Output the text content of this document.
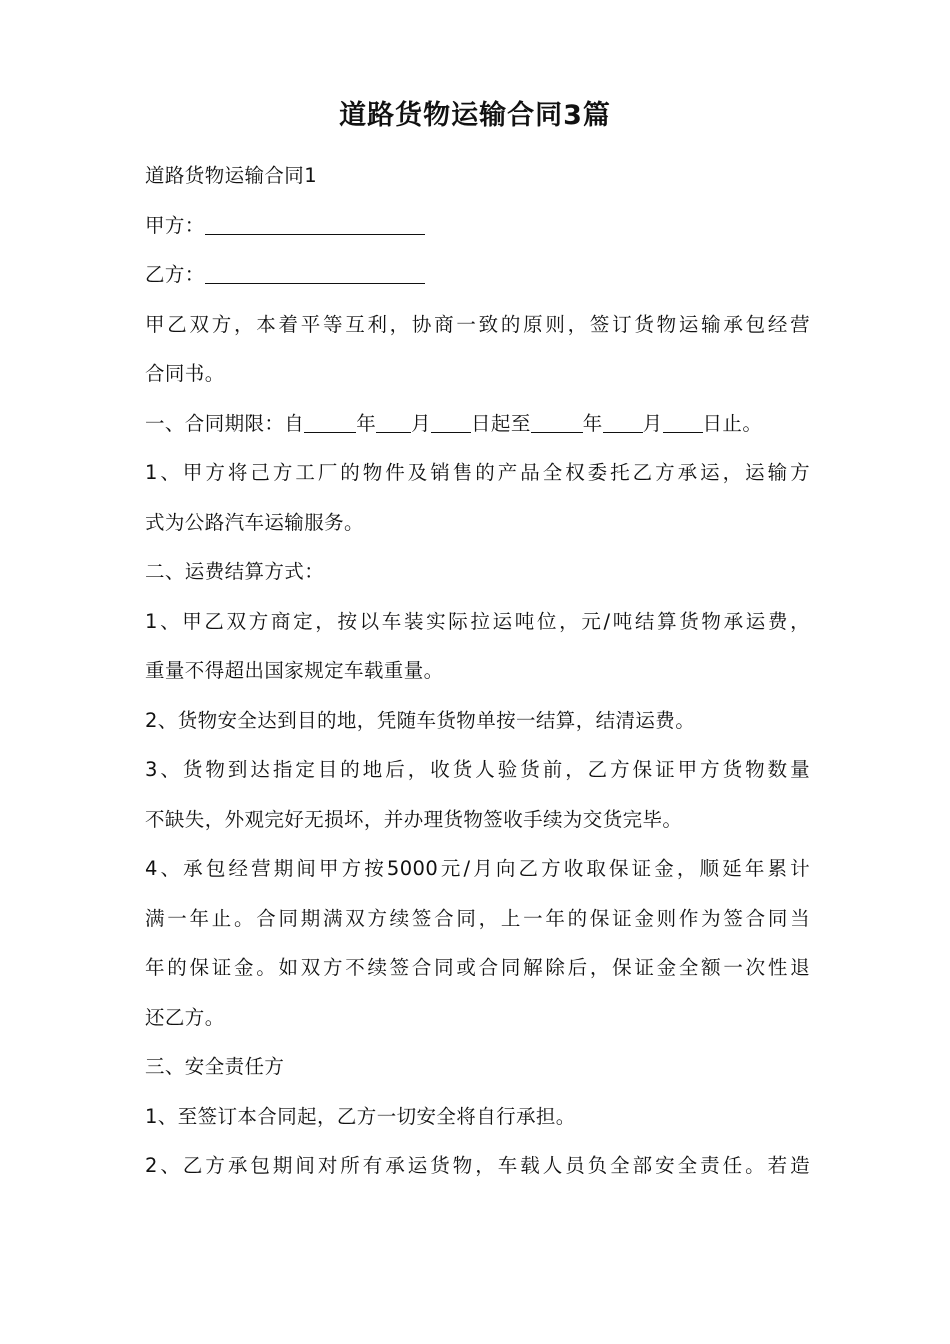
道路货物运输合同3篇

道路货物运输合同1

甲方：

乙方：

甲乙双方，本着平等互利，协商一致的原则，签订货物运输承包经营

合同书。

一、合同期限：自	年 月 日起至	年 月 日止。

1、甲方将己方工厂的物件及销售的产品全权委托乙方承运，运输方

式为公路汽车运输服务。

二、运费结算方式：

1、甲乙双方商定，按以车装实际拉运吨位，元/吨结算货物承运费，

重量不得超出国家规定车载重量。

2、货物安全达到目的地，凭随车货物单按一结算，结清运费。

3、货物到达指定目的地后，收货人验货前，乙方保证甲方货物数量

不缺失，外观完好无损坏，并办理货物签收手续为交货完毕。

4、承包经营期间甲方按5000元/月向乙方收取保证金，顺延年累计

满一年止。合同期满双方续签合同，上一年的保证金则作为签合同当

年的保证金。如双方不续签合同或合同解除后，保证金全额一次性退

还乙方。

三、安全责任方

1、至签订本合同起，乙方一切安全将自行承担。

2、乙方承包期间对所有承运货物，车载人员负全部安全责任。若造
